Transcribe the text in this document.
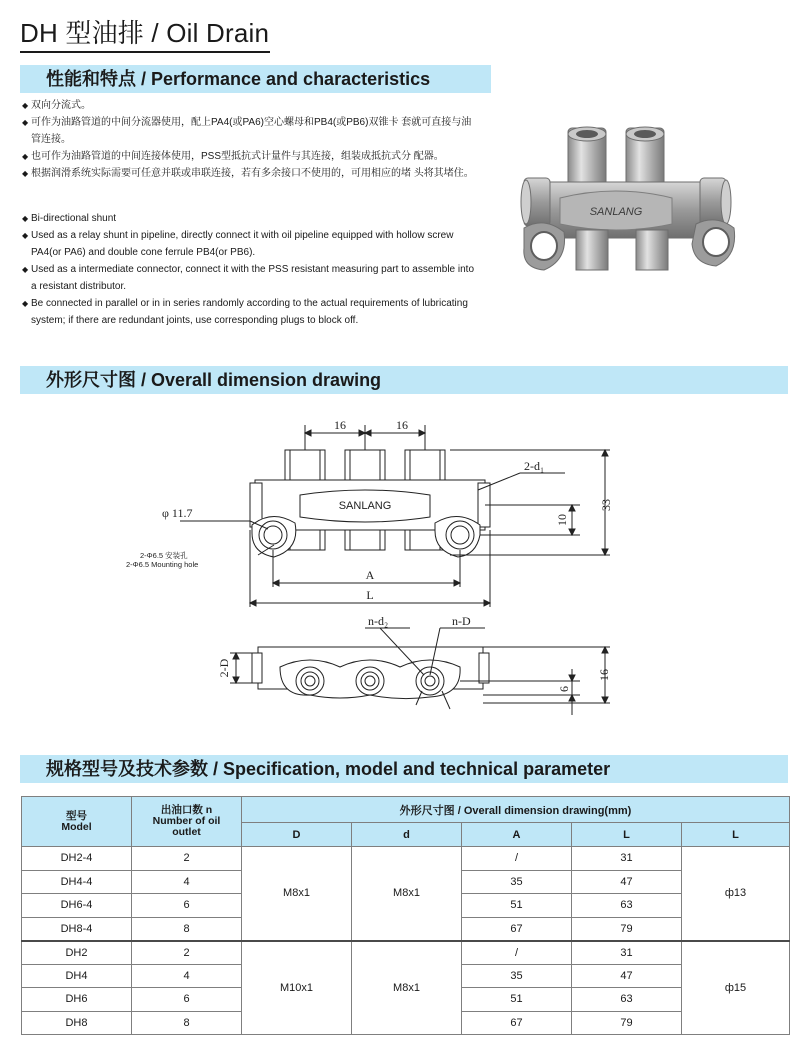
DH 型油排 / Oil Drain
性能和特点 / Performance and characteristics
◆ 双向分流式。
◆ 可作为油路管道的中间分流器使用，配上PA4(或PA6)空心螺母和PB4(或PB6)双锥卡 套就可直接与油管连接。
◆ 也可作为油路管道的中间连接体使用，PSS型抵抗式计量件与其连接，组装成抵抗式分 配器。
◆ 根据润滑系统实际需要可任意并联或串联连接，若有多余接口不使用的，可用相应的堵 头将其堵住。
◆ Bi-directional shunt
◆ Used as a relay shunt in pipeline, directly connect it with oil pipeline equipped with hollow screw PA4(or PA6) and double cone ferrule PB4(or PB6).
◆ Used as a intermediate connector, connect it with the PSS resistant measuring part to assemble into a resistant distributor.
◆ Be connected in parallel or in in series randomly according to the actual requirements of lubricating system; if there are redundant joints, use corresponding plugs to block off.
SANLANG
外形尺寸图 / Overall dimension drawing
SANLANG
16	16
2-d₁
33
10
φ 11.7
2-Φ6.5 安装孔
2-Φ6.5 Mounting hole
A
L
n-d₂	n-D
2-D	16
6
规格型号及技术参数 / Specification, model and technical parameter
型号
Model	出油口数 n
Number of oil
outlet	外形尺寸图 / Overall dimension drawing(mm)				
		D	d	A	L	L
DH2-4	2	M8x1	M8x1	/	31	ф13
DH4-4	4			35	47	
DH6-4	6			51	63	
DH8-4	8			67	79	
DH2	2	M10x1	M8x1	/	31	ф15
DH4	4			35	47	
DH6	6			51	63	
DH8	8			67	79	
